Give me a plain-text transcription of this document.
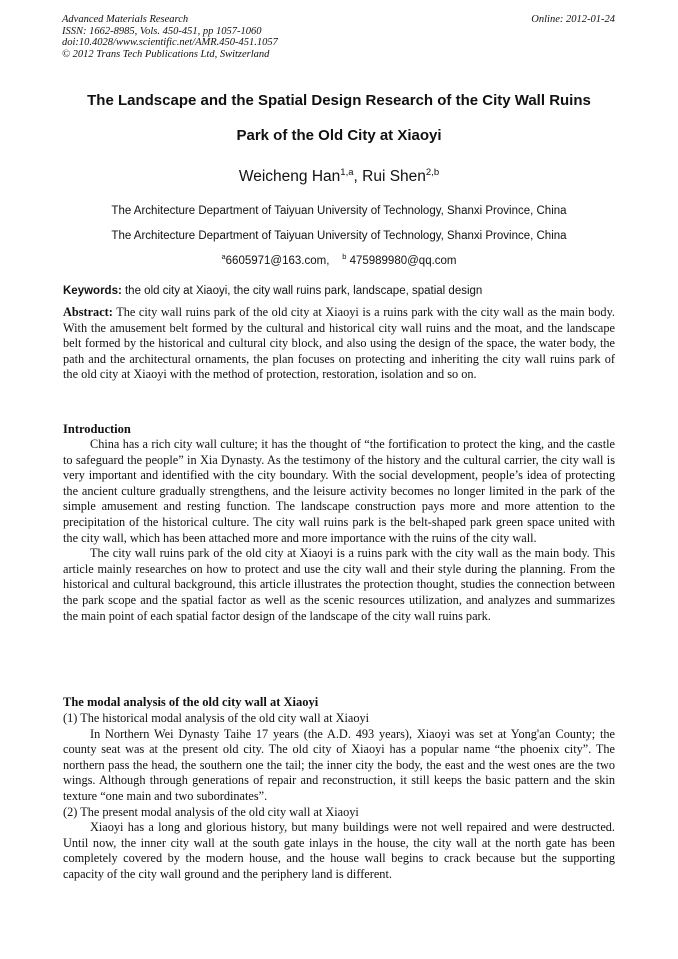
Advanced Materials Research
ISSN: 1662-8985, Vols. 450-451, pp 1057-1060
doi:10.4028/www.scientific.net/AMR.450-451.1057
© 2012 Trans Tech Publications Ltd, Switzerland
Online: 2012-01-24
The Landscape and the Spatial Design Research of the City Wall Ruins
Park of the Old City at Xiaoyi
Weicheng Han$^{1,a}$, Rui Shen$^{2,b}$
The Architecture Department of Taiyuan University of Technology, Shanxi Province, China
The Architecture Department of Taiyuan University of Technology, Shanxi Province, China
$^a$6605971@163.com, $^b$ 475989980@qq.com
Keywords: the old city at Xiaoyi, the city wall ruins park, landscape, spatial design
Abstract: The city wall ruins park of the old city at Xiaoyi is a ruins park with the city wall as the main body. With the amusement belt formed by the cultural and historical city wall ruins and the moat, and the landscape belt formed by the historical and cultural city block, and also using the design of the space, the water body, the path and the architectural ornaments, the plan focuses on protecting and inheriting the city wall ruins park of the old city at Xiaoyi with the method of protection, restoration, isolation and so on.
Introduction

China has a rich city wall culture; it has the thought of “the fortification to protect the king, and the castle to safeguard the people” in Xia Dynasty. As the testimony of the history and the cultural carrier, the city wall is very important and identified with the city boundary. With the social development, people’s idea of protecting the ancient culture gradually strengthens, and the leisure activity becomes no longer limited in the park of the simple amusement and resting function. The landscape construction pays more and more attention to the precipitation of the historical culture. The city wall ruins park is the belt-shaped park green space united with the city wall, which has been attached more and more importance with the ruins of the city wall.

The city wall ruins park of the old city at Xiaoyi is a ruins park with the city wall as the main body. This article mainly researches on how to protect and use the city wall and their style during the planning. From the historical and cultural background, this article illustrates the protection thought, studies the connection between the park scope and the spatial factor as well as the scenic resources utilization, and analyzes and summarizes the main point of each spatial factor design of the landscape of the city wall ruins park.

The modal analysis of the old city wall at Xiaoyi

(1) The historical modal analysis of the old city wall at Xiaoyi

In Northern Wei Dynasty Taihe 17 years (the A.D. 493 years), Xiaoyi was set at Yong'an County; the county seat was at the present old city. The old city of Xiaoyi has a popular name “the phoenix city”. The northern pass the head, the southern one the tail; the inner city the body, the east and the west ones are the two wings. Although through generations of repair and reconstruction, it still keeps the basic pattern and the skin texture “one main and two subordinates”.

(2) The present modal analysis of the old city wall at Xiaoyi

Xiaoyi has a long and glorious history, but many buildings were not well repaired and were destructed. Until now, the inner city wall at the south gate inlays in the house, the city wall at the north gate has been completely covered by the modern house, and the house wall begins to crack because but the supporting capacity of the city wall ground and the periphery land is different.
